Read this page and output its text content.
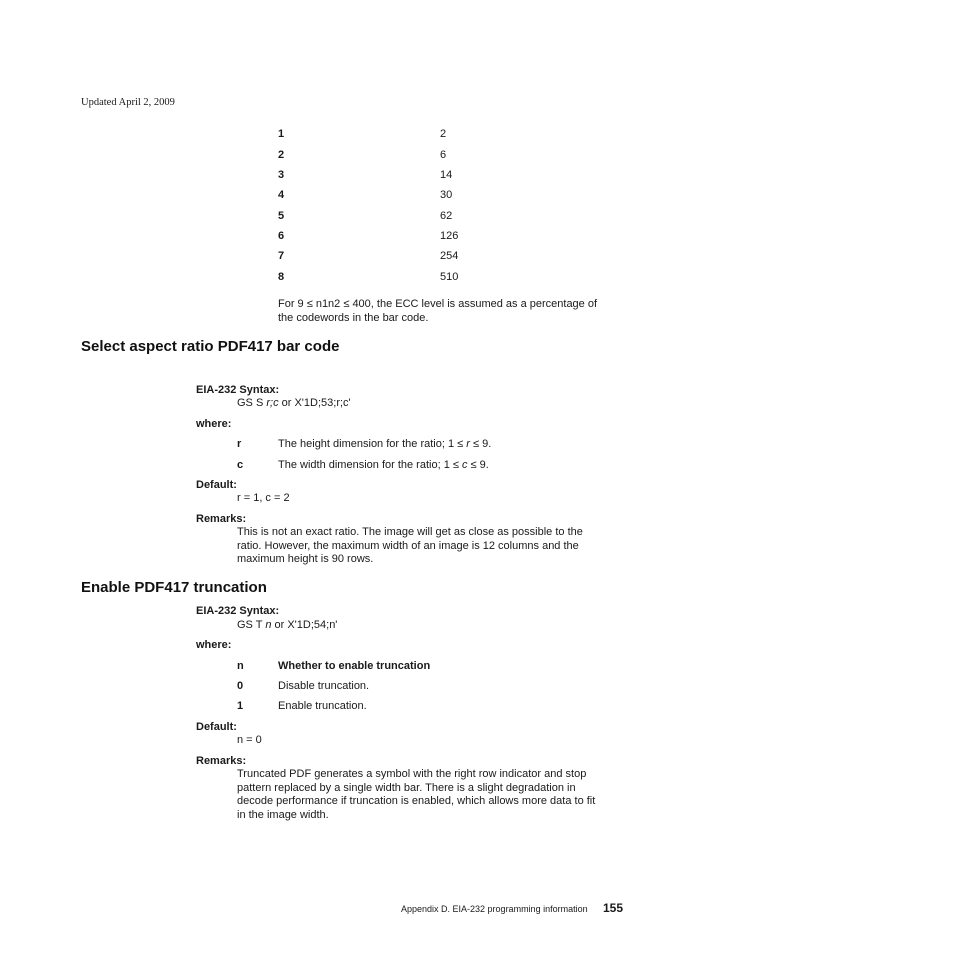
Updated April 2, 2009
1	2
2	6
3	14
4	30
5	62
6	126
7	254
8	510
For 9 ≤ n1n2 ≤ 400, the ECC level is assumed as a percentage of
the codewords in the bar code.
Select aspect ratio PDF417 bar code
EIA-232 Syntax:
GS S r;c or X'1D;53;r;c'
where:
r	The height dimension for the ratio; 1 ≤ r ≤ 9.
c	The width dimension for the ratio; 1 ≤ c ≤ 9.
Default:
r = 1, c = 2
Remarks:
This is not an exact ratio. The image will get as close as possible to the
ratio. However, the maximum width of an image is 12 columns and the
maximum height is 90 rows.
Enable PDF417 truncation
EIA-232 Syntax:
GS T n or X'1D;54;n'
where:
n	Whether to enable truncation
0	Disable truncation.
1	Enable truncation.
Default:
n = 0
Remarks:
Truncated PDF generates a symbol with the right row indicator and stop
pattern replaced by a single width bar. There is a slight degradation in
decode performance if truncation is enabled, which allows more data to fit
in the image width.
Appendix D. EIA-232 programming information 155
